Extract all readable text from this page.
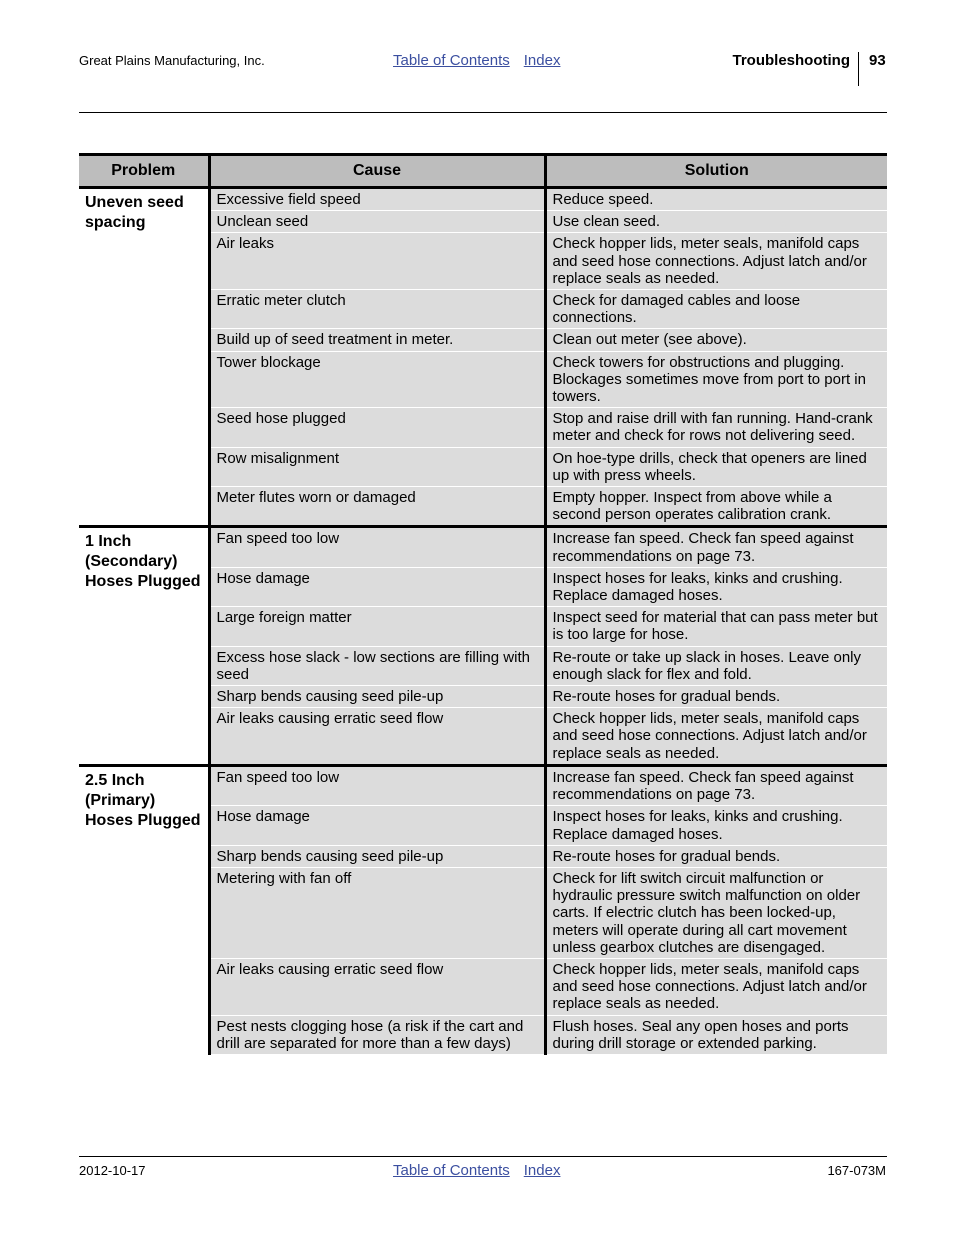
Great Plains Manufacturing, Inc.	Table of Contents Index	Troubleshooting 93
Problem	Cause	Solution
Uneven seed spacing	Excessive field speed	Reduce speed.
	Unclean seed	Use clean seed.
	Air leaks	Check hopper lids, meter seals, manifold caps and seed hose connections. Adjust latch and/or replace seals as needed.
	Erratic meter clutch	Check for damaged cables and loose connections.
	Build up of seed treatment in meter.	Clean out meter (see above).
	Tower blockage	Check towers for obstructions and plugging. Blockages sometimes move from port to port in towers.
	Seed hose plugged	Stop and raise drill with fan running. Hand-crank meter and check for rows not delivering seed.
	Row misalignment	On hoe-type drills, check that openers are lined up with press wheels.
	Meter flutes worn or damaged	Empty hopper. Inspect from above while a second person operates calibration crank.
1 Inch (Secondary) Hoses Plugged	Fan speed too low	Increase fan speed. Check fan speed against recommendations on page 73.
	Hose damage	Inspect hoses for leaks, kinks and crushing. Replace damaged hoses.
	Large foreign matter	Inspect seed for material that can pass meter but is too large for hose.
	Excess hose slack - low sections are filling with seed	Re-route or take up slack in hoses. Leave only enough slack for flex and fold.
	Sharp bends causing seed pile-up	Re-route hoses for gradual bends.
	Air leaks causing erratic seed flow	Check hopper lids, meter seals, manifold caps and seed hose connections. Adjust latch and/or replace seals as needed.
2.5 Inch (Primary) Hoses Plugged	Fan speed too low	Increase fan speed. Check fan speed against recommendations on page 73.
	Hose damage	Inspect hoses for leaks, kinks and crushing. Replace damaged hoses.
	Sharp bends causing seed pile-up	Re-route hoses for gradual bends.
	Metering with fan off	Check for lift switch circuit malfunction or hydraulic pressure switch malfunction on older carts. If electric clutch has been locked-up, meters will operate during all cart movement unless gearbox clutches are disengaged.
	Air leaks causing erratic seed flow	Check hopper lids, meter seals, manifold caps and seed hose connections. Adjust latch and/or replace seals as needed.
	Pest nests clogging hose (a risk if the cart and drill are separated for more than a few days)	Flush hoses. Seal any open hoses and ports during drill storage or extended parking.
2012-10-17	Table of Contents Index	167-073M
